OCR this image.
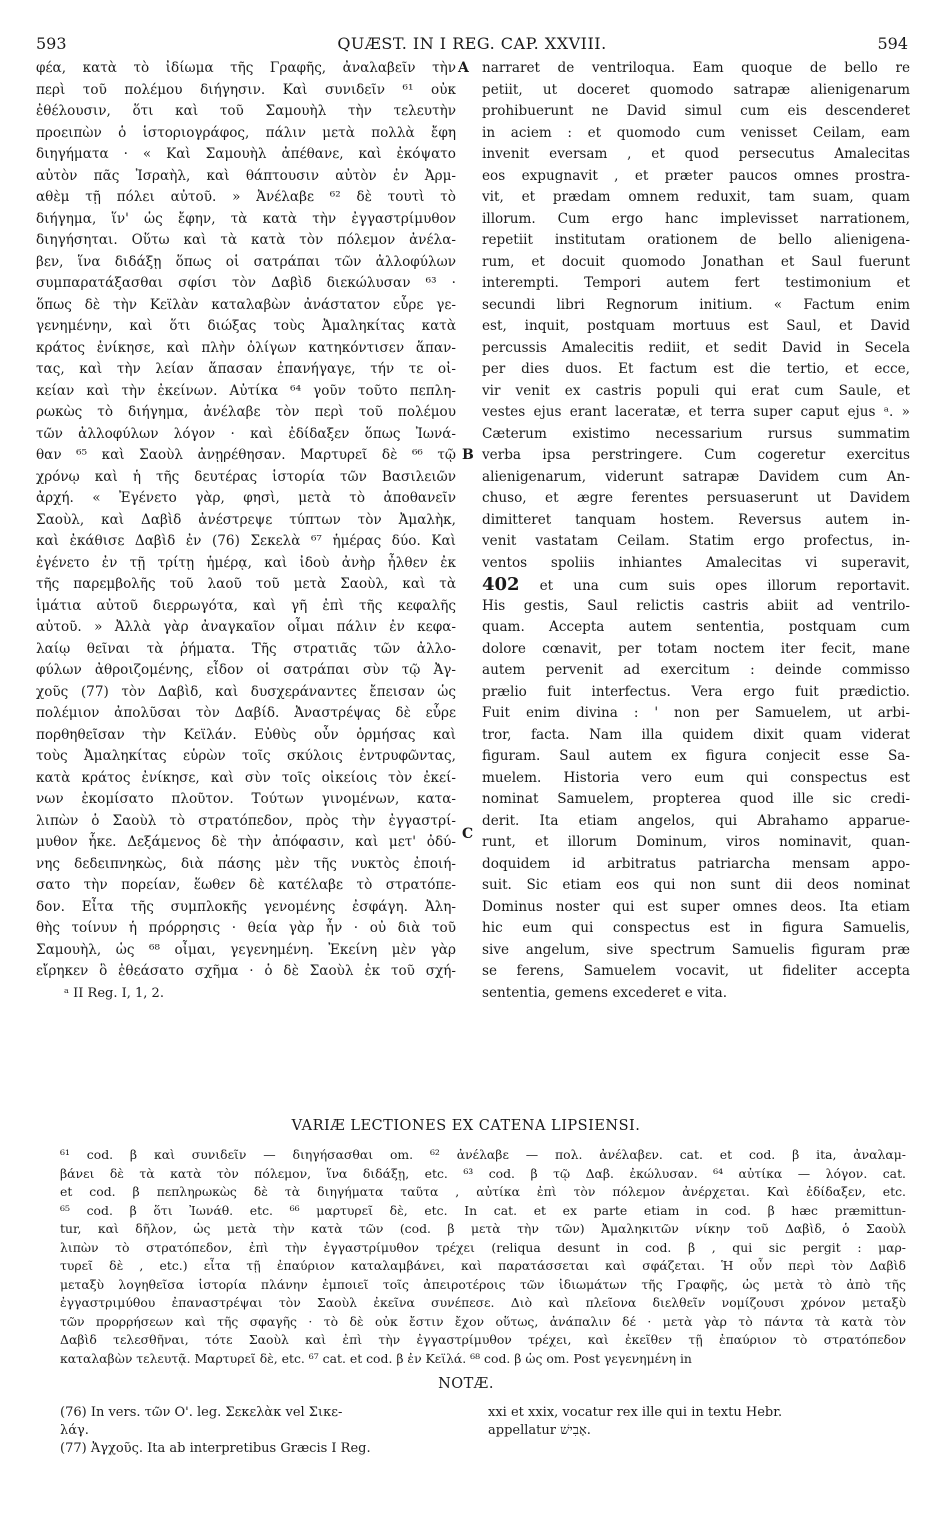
593	QUÆST. IN I REG. CAP. XXVIII.	594
φέα, κατὰ τὸ ἰδίωμα τῆς Γραφῆς, ἀναλαβεῖν τὴν
περὶ τοῦ πολέμου διήγησιν. Καὶ συνιδεῖν ⁶¹ οὐκ
ἐθέλουσιν, ὅτι καὶ τοῦ Σαμουὴλ τὴν τελευτὴν
προειπὼν ὁ ἱστοριογράφος, πάλιν μετὰ πολλὰ ἔφη
διηγήματα · « Καὶ Σαμουὴλ ἀπέθανε, καὶ ἐκόψατο
αὐτὸν πᾶς Ἰσραὴλ, καὶ θάπτουσιν αὐτὸν ἐν Ἀρμ-
αθὲμ τῇ πόλει αὐτοῦ. » Ἀνέλαβε ⁶² δὲ τουτὶ τὸ
διήγημα, ἵν' ὡς ἔφην, τὰ κατὰ τὴν ἐγγαστρίμυθον
διηγήσηται. Οὕτω καὶ τὰ κατὰ τὸν πόλεμον ἀνέλα-
βεν, ἵνα διδάξῃ ὅπως οἱ σατράπαι τῶν ἀλλοφύλων
συμπαρατάξασθαι σφίσι τὸν Δαβὶδ διεκώλυσαν ⁶³ ·
ὅπως δὲ τὴν Κεϊλὰν καταλαβὼν ἀνάστατον εὗρε γε-
γενημένην, καὶ ὅτι διώξας τοὺς Ἀμαληκίτας κατὰ
κράτος ἐνίκησε, καὶ πλὴν ὀλίγων κατηκόντισεν ἅπαν-
τας, καὶ τὴν λείαν ἅπασαν ἐπανήγαγε, τήν τε οἰ-
κείαν καὶ τὴν ἐκείνων. Αὐτίκα ⁶⁴ γοῦν τοῦτο πεπλη-
ρωκὼς τὸ διήγημα, ἀνέλαβε τὸν περὶ τοῦ πολέμου
τῶν ἀλλοφύλων λόγον · καὶ ἐδίδαξεν ὅπως Ἰωνά-
θαν ⁶⁵ καὶ Σαοὺλ ἀνῃρέθησαν. Μαρτυρεῖ δὲ ⁶⁶ τῷ
χρόνῳ καὶ ἡ τῆς δευτέρας ἱστορία τῶν Βασιλειῶν
ἀρχή. « Ἐγένετο γὰρ, φησὶ, μετὰ τὸ ἀποθανεῖν
Σαοὺλ, καὶ Δαβὶδ ἀνέστρεψε τύπτων τὸν Ἀμαλὴκ,
καὶ ἐκάθισε Δαβὶδ ἐν (76) Σεκελὰ ⁶⁷ ἡμέρας δύο. Καὶ
ἐγένετο ἐν τῇ τρίτῃ ἡμέρᾳ, καὶ ἰδοὺ ἀνὴρ ἦλθεν ἐκ
τῆς παρεμβολῆς τοῦ λαοῦ τοῦ μετὰ Σαοὺλ, καὶ τὰ
ἱμάτια αὐτοῦ διερρωγότα, καὶ γῆ ἐπὶ τῆς κεφαλῆς
αὐτοῦ. » Ἀλλὰ γὰρ ἀναγκαῖον οἶμαι πάλιν ἐν κεφα-
λαίῳ θεῖναι τὰ ῥήματα. Τῆς στρατιᾶς τῶν ἀλλο-
φύλων ἀθροιζομένης, εἶδον οἱ σατράπαι σὺν τῷ Ἀγ-
χοῦς (77) τὸν Δαβὶδ, καὶ δυσχεράναντες ἔπεισαν ὡς
πολέμιον ἀπολῦσαι τὸν Δαβίδ. Ἀναστρέψας δὲ εὗρε
πορθηθεῖσαν τὴν Κεϊλάν. Εὐθὺς οὖν ὁρμήσας καὶ
τοὺς Ἀμαληκίτας εὑρὼν τοῖς σκύλοις ἐντρυφῶντας,
κατὰ κράτος ἐνίκησε, καὶ σὺν τοῖς οἰκείοις τὸν ἐκεί-
νων ἐκομίσατο πλοῦτον. Τούτων γινομένων, κατα-
λιπὼν ὁ Σαοὺλ τὸ στρατόπεδον, πρὸς τὴν ἐγγαστρί-
μυθον ἧκε. Δεξάμενος δὲ τὴν ἀπόφασιν, καὶ μετ' ὀδύ-
νης δεδειπνηκὼς, διὰ πάσης μὲν τῆς νυκτὸς ἐποιή-
σατο τὴν πορείαν, ἕωθεν δὲ κατέλαβε τὸ στρατόπε-
δον. Εἶτα τῆς συμπλοκῆς γενομένης ἐσφάγη. Ἀλη-
θὴς τοίνυν ἡ πρόρρησις · θεία γὰρ ἦν · οὐ διὰ τοῦ
Σαμουὴλ, ὡς ⁶⁸ οἶμαι, γεγενημένη. Ἐκείνη μὲν γὰρ
εἴρηκεν ὃ ἐθεάσατο σχῆμα · ὁ δὲ Σαοὺλ ἐκ τοῦ σχή-
ᵃ II Reg. I, 1, 2.
narraret de ventriloqua. Eam quoque de bello re
petiit, ut doceret quomodo satrapæ alienigenarum
prohibuerunt ne David simul cum eis descenderet
in aciem : et quomodo cum venisset Ceilam, eam
invenit eversam , et quod persecutus Amalecitas
eos expugnavit , et præter paucos omnes prostra-
vit, et prædam omnem reduxit, tam suam, quam
illorum. Cum ergo hanc implevisset narrationem,
repetiit institutam orationem de bello alienigena-
rum, et docuit quomodo Jonathan et Saul fuerunt
interempti. Tempori autem fert testimonium et
secundi libri Regnorum initium. « Factum enim
est, inquit, postquam mortuus est Saul, et David
percussis Amalecitis rediit, et sedit David in Secela
per dies duos. Et factum est die tertio, et ecce,
vir venit ex castris populi qui erat cum Saule, et
vestes ejus erant laceratæ, et terra super caput ejus ᵃ. »
Cæterum existimo necessarium rursus summatim
verba ipsa perstringere. Cum cogeretur exercitus
alienigenarum, viderunt satrapæ Davidem cum An-
chuso, et ægre ferentes persuaserunt ut Davidem
dimitteret tanquam hostem. Reversus autem in-
venit vastatam Ceilam. Statim ergo profectus, in-
ventos spoliis inhiantes Amalecitas vi superavit,
402 et una cum suis opes illorum reportavit.
His gestis, Saul relictis castris abiit ad ventrilo-
quam. Accepta autem sententia, postquam cum
dolore cœnavit, per totam noctem iter fecit, mane
autem pervenit ad exercitum : deinde commisso
prælio fuit interfectus. Vera ergo fuit prædictio.
Fuit enim divina : ' non per Samuelem, ut arbi-
tror, facta. Nam illa quidem dixit quam viderat
figuram. Saul autem ex figura conjecit esse Sa-
muelem. Historia vero eum qui conspectus est
nominat Samuelem, propterea quod ille sic credi-
derit. Ita etiam angelos, qui Abrahamo apparue-
runt, et illorum Dominum, viros nominavit, quan-
doquidem id arbitratus patriarcha mensam appo-
suit. Sic etiam eos qui non sunt dii deos nominat
Dominus noster qui est super omnes deos. Ita etiam
hic eum qui conspectus est in figura Samuelis,
sive angelum, sive spectrum Samuelis figuram præ
se ferens, Samuelem vocavit, ut fideliter accepta
sententia, gemens excederet e vita.
A
B
C
VARIÆ LECTIONES EX CATENA LIPSIENSI.
⁶¹ cod. β καὶ συνιδεῖν — διηγήσασθαι om. ⁶² ἀνέλαβε — πολ. ἀνέλαβεν. cat. et cod. β ita, ἀναλαμ-
βάνει δὲ τὰ κατὰ τὸν πόλεμον, ἵνα διδάξῃ, etc. ⁶³ cod. β τῷ Δαβ. ἐκώλυσαν. ⁶⁴ αὐτίκα — λόγον. cat.
et cod. β πεπληρωκὼς δὲ τὰ διηγήματα ταῦτα , αὐτίκα ἐπὶ τὸν πόλεμον ἀνέρχεται. Καὶ ἐδίδαξεν, etc.
⁶⁵ cod. β ὅτι Ἰωνάθ. etc. ⁶⁶ μαρτυρεῖ δὲ, etc. In cat. et ex parte etiam in cod. β hæc præmittun-
tur, καὶ δῆλον, ὡς μετὰ τὴν κατὰ τῶν (cod. β μετὰ τὴν τῶν) Ἀμαληκιτῶν νίκην τοῦ Δαβὶδ, ὁ Σαοὺλ
λιπὼν τὸ στρατόπεδον, ἐπὶ τὴν ἐγγαστρίμυθον τρέχει (reliqua desunt in cod. β , qui sic pergit : μαρ-
τυρεῖ δὲ , etc.) εἶτα τῇ ἐπαύριον καταλαμβάνει, καὶ παρατάσσεται καὶ σφάζεται. Ἡ οὖν περὶ τὸν Δαβὶδ
μεταξὺ λογηθεῖσα ἱστορία πλάνην ἐμποιεῖ τοῖς ἀπειροτέροις τῶν ἰδιωμάτων τῆς Γραφῆς, ὡς μετὰ τὸ ἀπὸ τῆς
ἐγγαστριμύθου ἐπαναστρέψαι τὸν Σαοὺλ ἐκεῖνα συνέπεσε. Διὸ καὶ πλεῖονα διελθεῖν νομίζουσι χρόνον μεταξὺ
τῶν προρρήσεων καὶ τῆς σφαγῆς · τὸ δὲ οὐκ ἔστιν ἔχον οὕτως, ἀνάπαλιν δέ · μετὰ γὰρ τὸ πάντα τὰ κατὰ τὸν
Δαβὶδ τελεσθῆναι, τότε Σαοὺλ καὶ ἐπὶ τὴν ἐγγαστρίμυθον τρέχει, καὶ ἐκεῖθεν τῇ ἐπαύριον τὸ στρατόπεδον
καταλαβὼν τελευτᾷ. Μαρτυρεῖ δὲ, etc. ⁶⁷ cat. et cod. β ἐν Κεϊλά. ⁶⁸ cod. β ὡς om. Post γεγενημένη in
NOTÆ.
(76) In vers. τῶν Ο'. leg. Σεκελὰκ vel Σικε-
λάγ.
(77) Ἀγχοῦς. Ita ab interpretibus Græcis I Reg.
xxi et xxix, vocatur rex ille qui in textu Hebr.
appellatur אָבִישׁ.
